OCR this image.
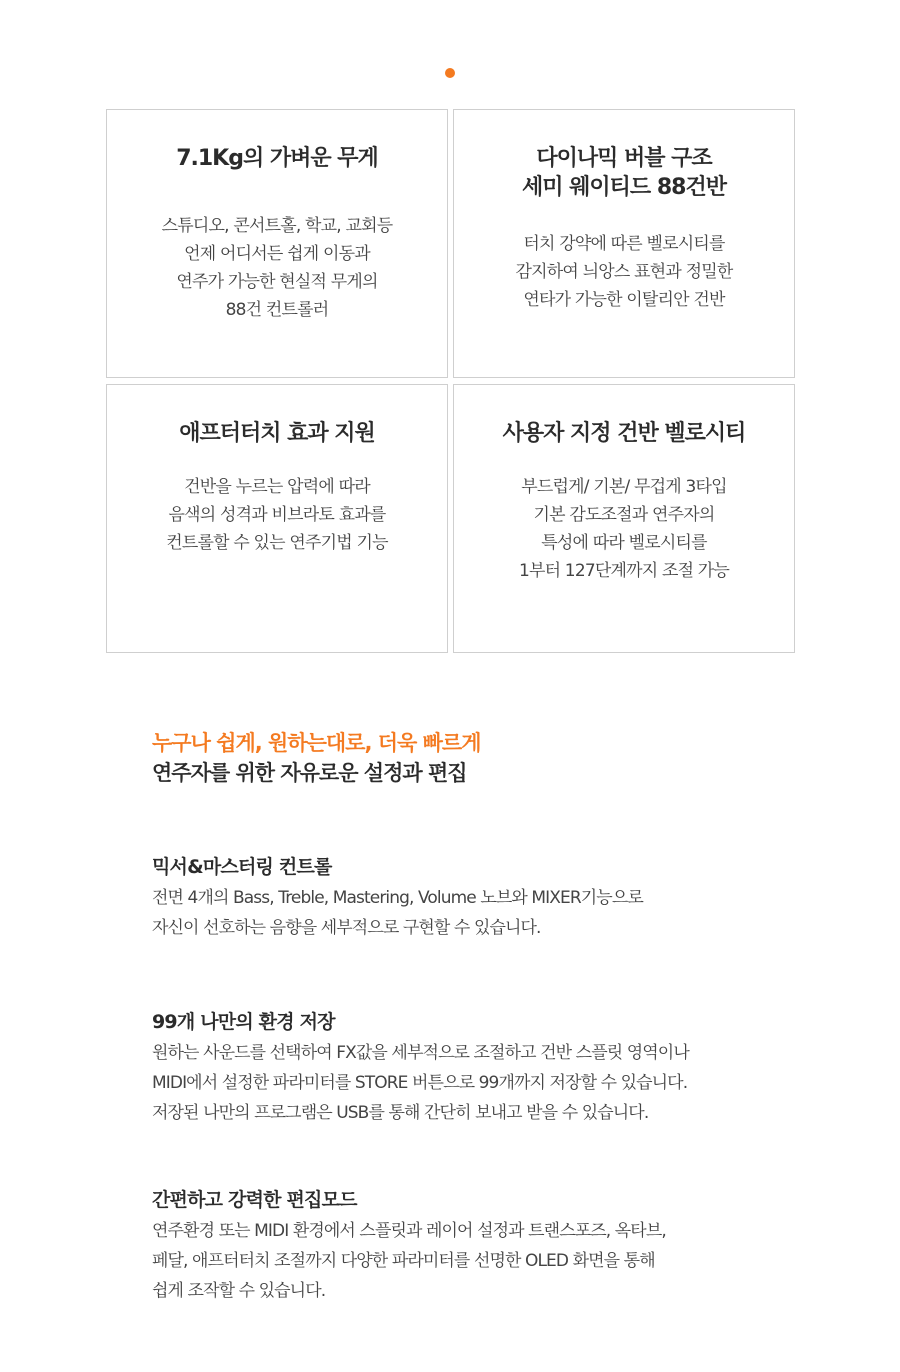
7.1Kg의 가벼운 무게
스튜디오, 콘서트홀, 학교, 교회등
언제 어디서든 쉽게 이동과
연주가 가능한 현실적 무게의
88건 컨트롤러
다이나믹 버블 구조
세미 웨이티드 88건반
터치 강약에 따른 벨로시티를
감지하여 늬앙스 표현과 정밀한
연타가 가능한 이탈리안 건반
애프터터치 효과 지원
건반을 누르는 압력에 따라
음색의 성격과 비브라토 효과를
컨트롤할 수 있는 연주기법 기능
사용자 지정 건반 벨로시티
부드럽게/ 기본/ 무겁게 3타입
기본 감도조절과 연주자의
특성에 따라 벨로시티를
1부터 127단계까지 조절 가능
누구나 쉽게, 원하는대로, 더욱 빠르게
연주자를 위한 자유로운 설정과 편집
믹서&마스터링 컨트롤
전면 4개의 Bass, Treble, Mastering, Volume 노브와 MIXER기능으로
자신이 선호하는 음향을 세부적으로 구현할 수 있습니다.
99개 나만의 환경 저장
원하는 사운드를 선택하여 FX값을 세부적으로 조절하고 건반 스플릿 영역이나
MIDI에서 설정한 파라미터를 STORE 버튼으로 99개까지 저장할 수 있습니다.
저장된 나만의 프로그램은 USB를 통해 간단히 보내고 받을 수 있습니다.
간편하고 강력한 편집모드
연주환경 또는 MIDI 환경에서 스플릿과 레이어 설정과 트랜스포즈, 옥타브,
페달, 애프터터치 조절까지 다양한 파라미터를 선명한 OLED 화면을 통해
쉽게 조작할 수 있습니다.
